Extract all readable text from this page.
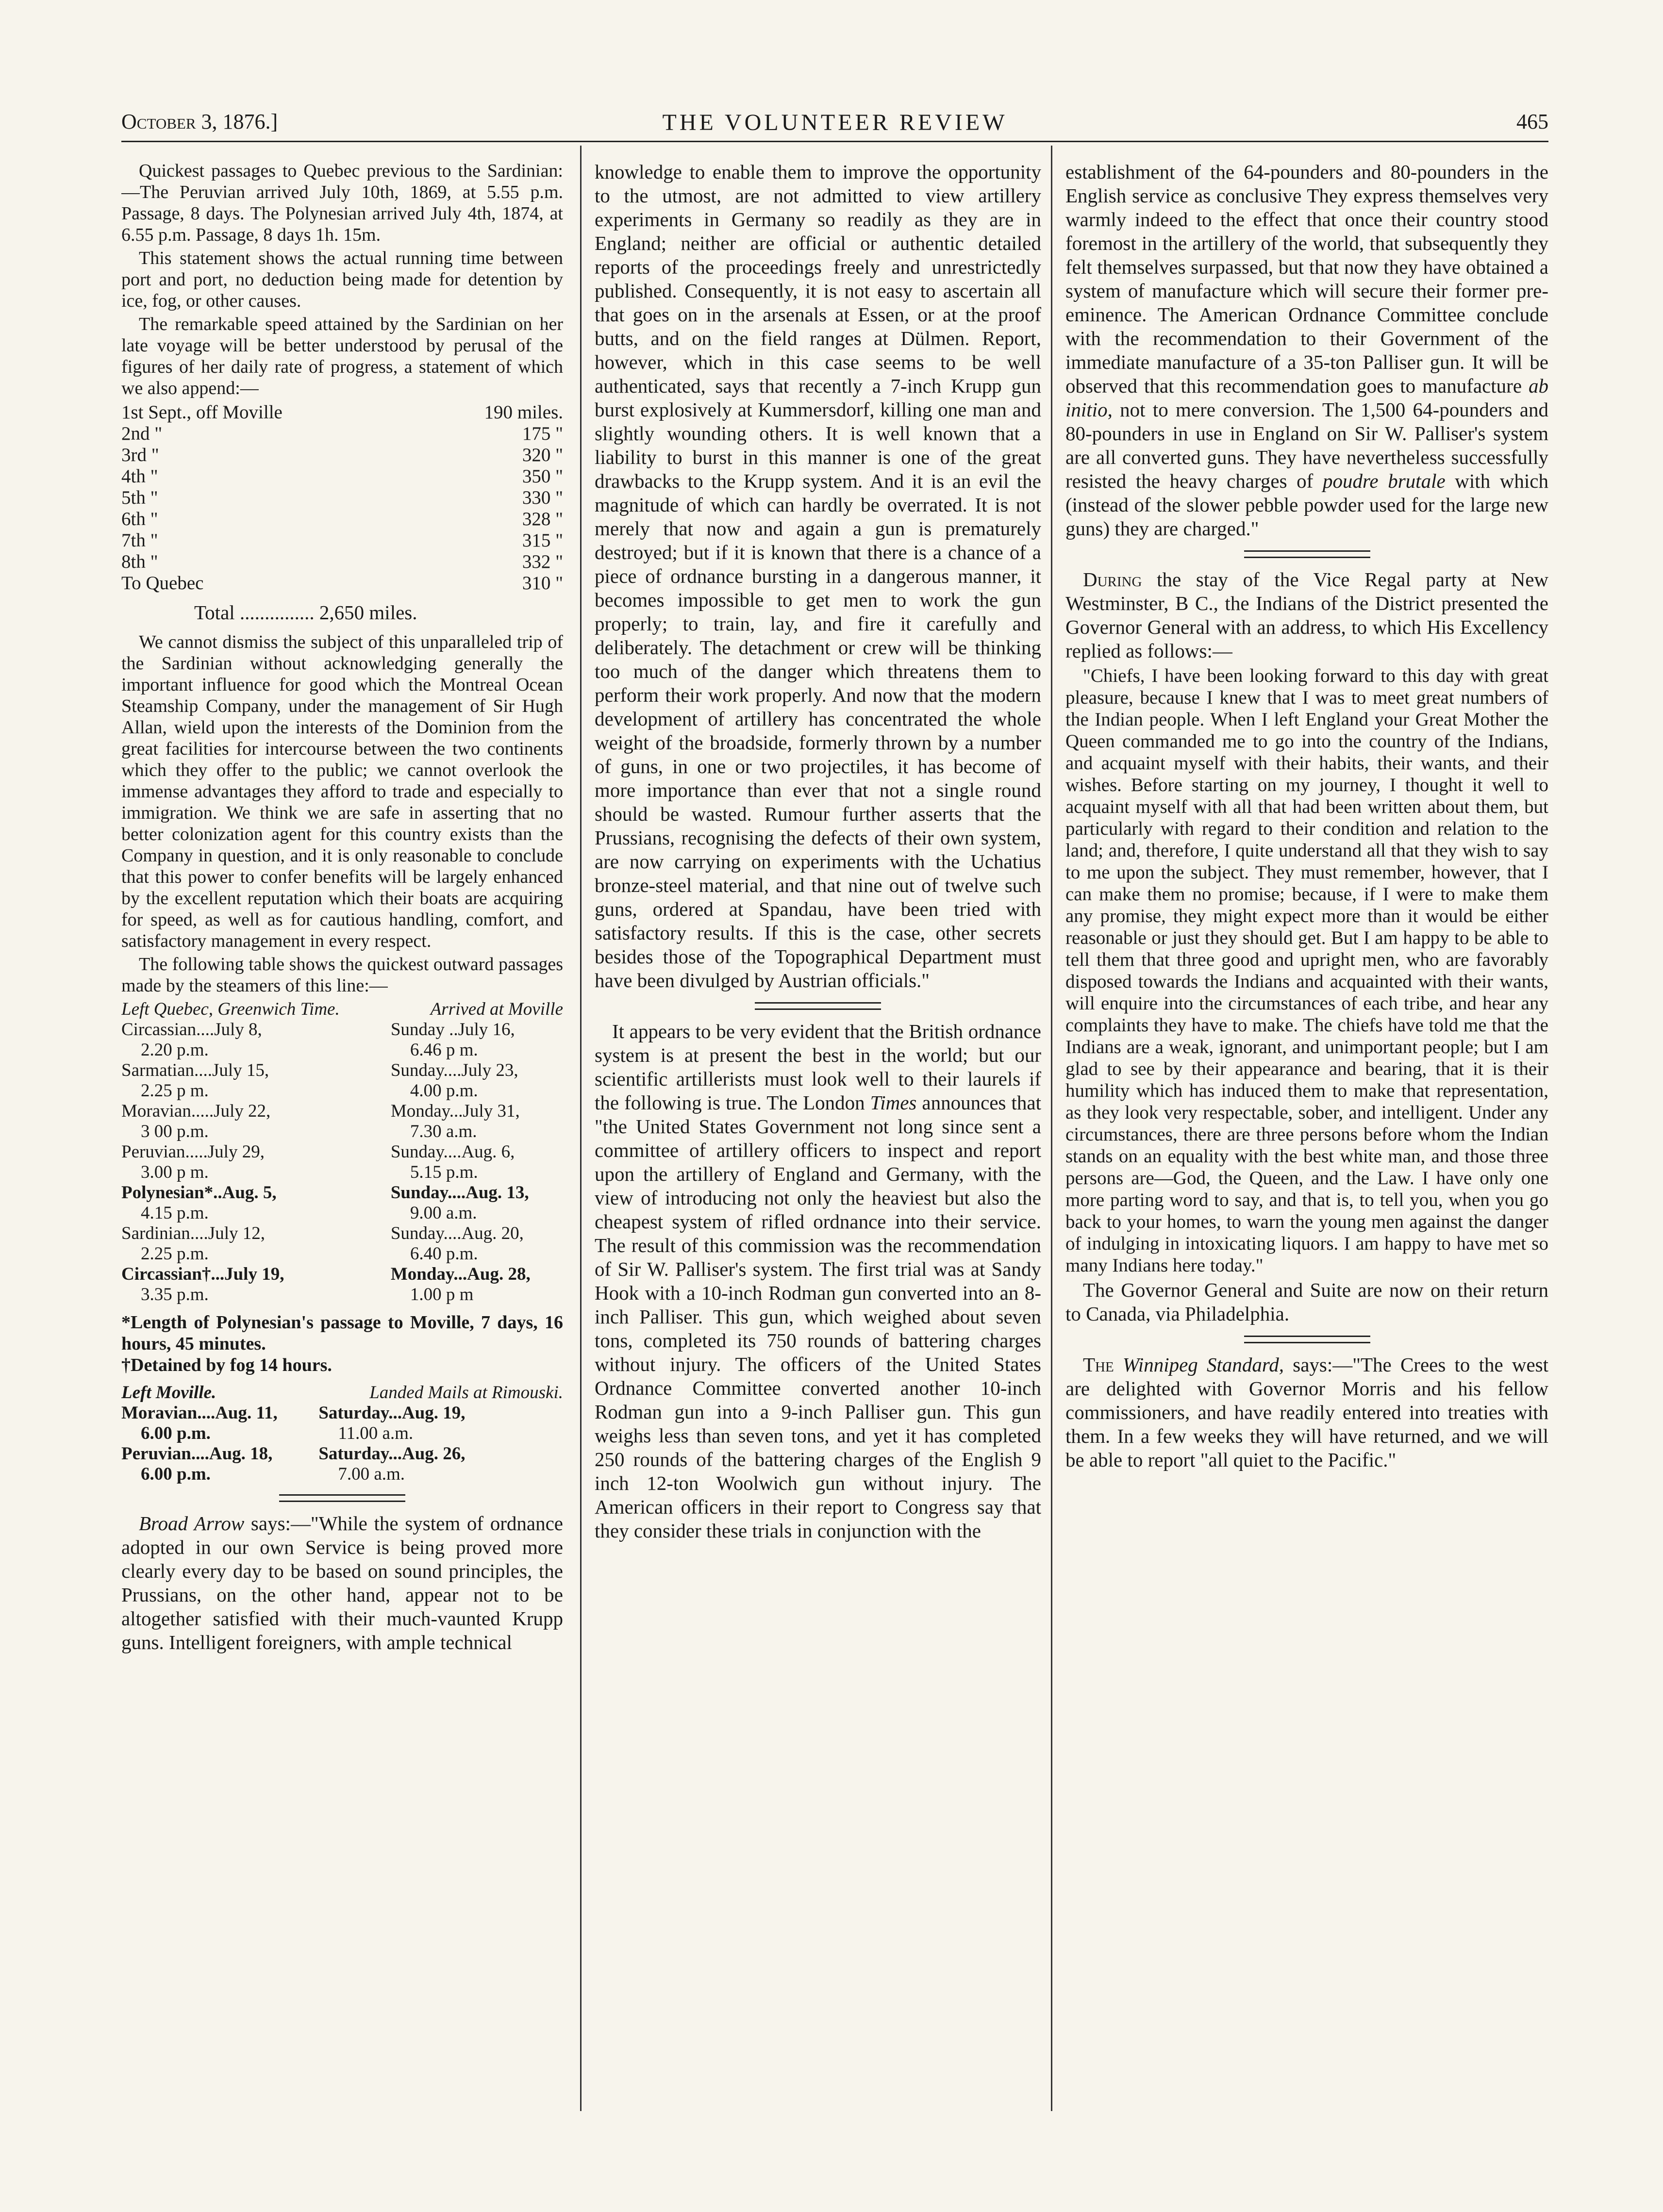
October 3, 1876.]	THE VOLUNTEER REVIEW	465

Quickest passages to Quebec previous to the Sardinian:—The Peruvian arrived July 10th, 1869, at 5.55 p.m. Passage, 8 days. The Polynesian arrived July 4th, 1874, at 6.55 p.m. Passage, 8 days 1h. 15m.

This statement shows the actual running time between port and port, no deduction being made for detention by ice, fog, or other causes.

The remarkable speed attained by the Sardinian on her late voyage will be better understood by perusal of the figures of her daily rate of progress, a statement of which we also append:—

1st Sept., off Moville	190 miles.
2nd "	175 "
3rd "	320 "
4th "	350 "
5th "	330 "
6th "	328 "
7th "	315 "
8th "	332 "
To Quebec	310 "
Total ............... 2,650 miles.

We cannot dismiss the subject of this unparalleled trip of the Sardinian without acknowledging generally the important influence for good which the Montreal Ocean Steamship Company, under the management of Sir Hugh Allan, wield upon the interests of the Dominion from the great facilities for intercourse between the two continents which they offer to the public; we cannot overlook the immense advantages they afford to trade and especially to immigration. We think we are safe in asserting that no better colonization agent for this country exists than the Company in question, and it is only reasonable to conclude that this power to confer benefits will be largely enhanced by the excellent reputation which their boats are acquiring for speed, as well as for cautious handling, comfort, and satisfactory management in every respect.

The following table shows the quickest outward passages made by the steamers of this line:—

Left Quebec, Greenwich Time.	Arrived at Moville
Circassian....July 8,	Sunday ..July 16,
2.20 p.m.	6.46 p m.
Sarmatian....July 15,	Sunday....July 23,
2.25 p m.	4.00 p.m.
Moravian.....July 22,	Monday...July 31,
3 00 p.m.	7.30 a.m.
Peruvian.....July 29,	Sunday....Aug. 6,
3.00 p m.	5.15 p.m.
Polynesian*..Aug. 5,	Sunday....Aug. 13,
4.15 p.m.	9.00 a.m.
Sardinian....July 12,	Sunday....Aug. 20,
2.25 p.m.	6.40 p.m.
Circassian†...July 19,	Monday...Aug. 28,
3.35 p.m.	1.00 p m
*Length of Polynesian's passage to Moville, 7 days, 16 hours, 45 minutes.
†Detained by fog 14 hours.
Left Moville.	Landed Mails at Rimouski.
Moravian....Aug. 11,	Saturday...Aug. 19,
6.00 p.m.	11.00 a.m.
Peruvian....Aug. 18,	Saturday...Aug. 26,
6.00 p.m.	7.00 a.m.

Broad Arrow says:—"While the system of ordnance adopted in our own Service is being proved more clearly every day to be based on sound principles, the Prussians, on the other hand, appear not to be altogether satisfied with their much-vaunted Krupp guns. Intelligent foreigners, with ample technical

knowledge to enable them to improve the opportunity to the utmost, are not admitted to view artillery experiments in Germany so readily as they are in England; neither are official or authentic detailed reports of the proceedings freely and unrestrictedly published. Consequently, it is not easy to ascertain all that goes on in the arsenals at Essen, or at the proof butts, and on the field ranges at Dülmen. Report, however, which in this case seems to be well authenticated, says that recently a 7-inch Krupp gun burst explosively at Kummersdorf, killing one man and slightly wounding others. It is well known that a liability to burst in this manner is one of the great drawbacks to the Krupp system. And it is an evil the magnitude of which can hardly be overrated. It is not merely that now and again a gun is prematurely destroyed; but if it is known that there is a chance of a piece of ordnance bursting in a dangerous manner, it becomes impossible to get men to work the gun properly; to train, lay, and fire it carefully and deliberately. The detachment or crew will be thinking too much of the danger which threatens them to perform their work properly. And now that the modern development of artillery has concentrated the whole weight of the broadside, formerly thrown by a number of guns, in one or two projectiles, it has become of more importance than ever that not a single round should be wasted. Rumour further asserts that the Prussians, recognising the defects of their own system, are now carrying on experiments with the Uchatius bronze-steel material, and that nine out of twelve such guns, ordered at Spandau, have been tried with satisfactory results. If this is the case, other secrets besides those of the Topographical Department must have been divulged by Austrian officials."

It appears to be very evident that the British ordnance system is at present the best in the world; but our scientific artillerists must look well to their laurels if the following is true. The London Times announces that "the United States Government not long since sent a committee of artillery officers to inspect and report upon the artillery of England and Germany, with the view of introducing not only the heaviest but also the cheapest system of rifled ordnance into their service. The result of this commission was the recommendation of Sir W. Palliser's system. The first trial was at Sandy Hook with a 10-inch Rodman gun converted into an 8-inch Palliser. This gun, which weighed about seven tons, completed its 750 rounds of battering charges without injury. The officers of the United States Ordnance Committee converted another 10-inch Rodman gun into a 9-inch Palliser gun. This gun weighs less than seven tons, and yet it has completed 250 rounds of the battering charges of the English 9 inch 12-ton Woolwich gun without injury. The American officers in their report to Congress say that they consider these trials in conjunction with the

establishment of the 64-pounders and 80-pounders in the English service as conclusive They express themselves very warmly indeed to the effect that once their country stood foremost in the artillery of the world, that subsequently they felt themselves surpassed, but that now they have obtained a system of manufacture which will secure their former pre-eminence. The American Ordnance Committee conclude with the recommendation to their Government of the immediate manufacture of a 35-ton Palliser gun. It will be observed that this recommendation goes to manufacture ab initio, not to mere conversion. The 1,500 64-pounders and 80-pounders in use in England on Sir W. Palliser's system are all converted guns. They have nevertheless successfully resisted the heavy charges of poudre brutale with which (instead of the slower pebble powder used for the large new guns) they are charged."

During the stay of the Vice Regal party at New Westminster, B C., the Indians of the District presented the Governor General with an address, to which His Excellency replied as follows:—

"Chiefs, I have been looking forward to this day with great pleasure, because I knew that I was to meet great numbers of the Indian people. When I left England your Great Mother the Queen commanded me to go into the country of the Indians, and acquaint myself with their habits, their wants, and their wishes. Before starting on my journey, I thought it well to acquaint myself with all that had been written about them, but particularly with regard to their condition and relation to the land; and, therefore, I quite understand all that they wish to say to me upon the subject. They must remember, however, that I can make them no promise; because, if I were to make them any promise, they might expect more than it would be either reasonable or just they should get. But I am happy to be able to tell them that three good and upright men, who are favorably disposed towards the Indians and acquainted with their wants, will enquire into the circumstances of each tribe, and hear any complaints they have to make. The chiefs have told me that the Indians are a weak, ignorant, and unimportant people; but I am glad to see by their appearance and bearing, that it is their humility which has induced them to make that representation, as they look very respectable, sober, and intelligent. Under any circumstances, there are three persons before whom the Indian stands on an equality with the best white man, and those three persons are—God, the Queen, and the Law. I have only one more parting word to say, and that is, to tell you, when you go back to your homes, to warn the young men against the danger of indulging in intoxicating liquors. I am happy to have met so many Indians here today."

The Governor General and Suite are now on their return to Canada, via Philadelphia.

The Winnipeg Standard, says:—"The Crees to the west are delighted with Governor Morris and his fellow commissioners, and have readily entered into treaties with them. In a few weeks they will have returned, and we will be able to report "all quiet to the Pacific."
